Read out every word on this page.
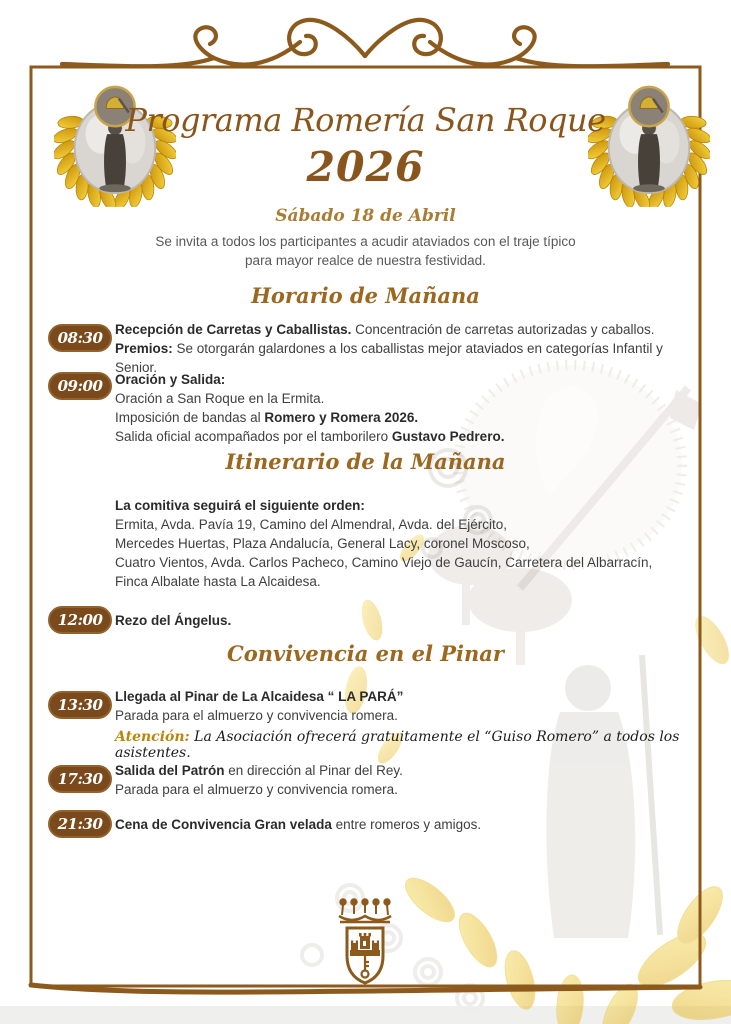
Programa Romería San Roque
2026
Sábado 18 de Abril
Se invita a todos los participantes a acudir ataviados con el traje típico
para mayor realce de nuestra festividad.
Horario de Mañana
08:30 Recepción de Carretas y Caballistas. Concentración de carretas autorizadas y caballos.
Premios: Se otorgarán galardones a los caballistas mejor ataviados en categorías Infantil y Senior.
09:00 Oración y Salida:
Oración a San Roque en la Ermita.
Imposición de bandas al Romero y Romera 2026.
Salida oficial acompañados por el tamborilero Gustavo Pedrero.
Itinerario de la Mañana
La comitiva seguirá el siguiente orden:
Ermita, Avda. Pavía 19, Camino del Almendral, Avda. del Ejército,
Mercedes Huertas, Plaza Andalucía, General Lacy, coronel Moscoso,
Cuatro Vientos, Avda. Carlos Pacheco, Camino Viejo de Gaucín, Carretera del Albarracín,
Finca Albalate hasta La Alcaidesa.
12:00 Rezo del Ángelus.
Convivencia en el Pinar
13:30 Llegada al Pinar de La Alcaidesa “ LA PARÁ”
Parada para el almuerzo y convivencia romera.
Atención: La Asociación ofrecerá gratuitamente el “Guiso Romero” a todos los asistentes.
17:30 Salida del Patrón en dirección al Pinar del Rey.
Parada para el almuerzo y convivencia romera.
21:30 Cena de Convivencia Gran velada entre romeros y amigos.
